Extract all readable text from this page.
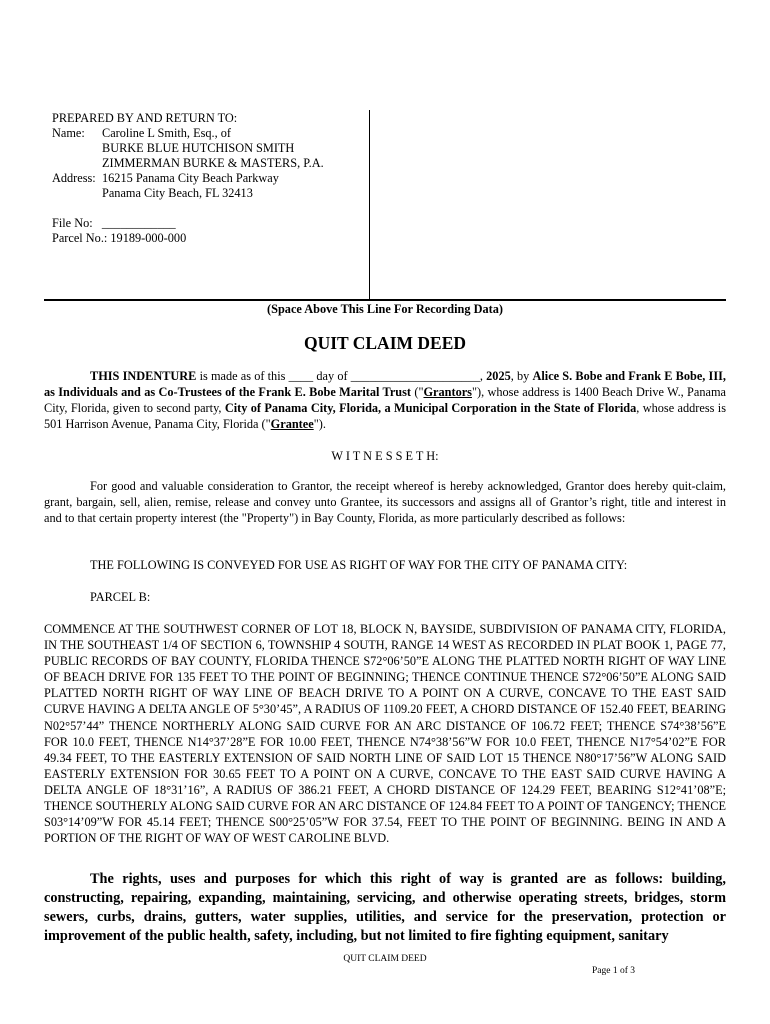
PREPARED BY AND RETURN TO:
Name:	Caroline L Smith, Esq., of
BURKE BLUE HUTCHISON SMITH
ZIMMERMAN BURKE & MASTERS, P.A.
Address: 16215 Panama City Beach Parkway
Panama City Beach, FL 32413
File No:   ____________
Parcel No.: 19189-000-000
(Space Above This Line For Recording Data)
QUIT CLAIM DEED
THIS INDENTURE is made as of this ____ day of _____________________, 2025, by Alice S. Bobe and Frank E Bobe, III, as Individuals and as Co-Trustees of the Frank E. Bobe Marital Trust ("Grantors"), whose address is 1400 Beach Drive W., Panama City, Florida, given to second party, City of Panama City, Florida, a Municipal Corporation in the State of Florida, whose address is 501 Harrison Avenue, Panama City, Florida ("Grantee").
W I T N E S S E T H:
For good and valuable consideration to Grantor, the receipt whereof is hereby acknowledged, Grantor does hereby quit-claim, grant, bargain, sell, alien, remise, release and convey unto Grantee, its successors and assigns all of Grantor’s right, title and interest in and to that certain property interest (the "Property") in Bay County, Florida, as more particularly described as follows:
THE FOLLOWING IS CONVEYED FOR USE AS RIGHT OF WAY FOR THE CITY OF PANAMA CITY:
PARCEL B:
COMMENCE AT THE SOUTHWEST CORNER OF LOT 18, BLOCK N, BAYSIDE, SUBDIVISION OF PANAMA CITY, FLORIDA, IN THE SOUTHEAST 1/4 OF SECTION 6, TOWNSHIP 4 SOUTH, RANGE 14 WEST AS RECORDED IN PLAT BOOK 1, PAGE 77, PUBLIC RECORDS OF BAY COUNTY, FLORIDA THENCE S72°06’50”E ALONG THE PLATTED NORTH RIGHT OF WAY LINE OF BEACH DRIVE FOR 135 FEET TO THE POINT OF BEGINNING; THENCE CONTINUE THENCE S72°06’50”E ALONG SAID PLATTED NORTH RIGHT OF WAY LINE OF BEACH DRIVE TO A POINT ON A CURVE, CONCAVE TO THE EAST SAID CURVE HAVING A DELTA ANGLE OF 5°30’45”, A RADIUS OF 1109.20 FEET, A CHORD DISTANCE OF 152.40 FEET, BEARING N02°57’44” THENCE NORTHERLY ALONG SAID CURVE FOR AN ARC DISTANCE OF 106.72 FEET; THENCE S74°38’56”E FOR 10.0 FEET, THENCE N14°37’28”E FOR 10.00 FEET, THENCE N74°38’56”W FOR 10.0 FEET, THENCE N17°54’02”E FOR 49.34 FEET, TO THE EASTERLY EXTENSION OF SAID NORTH LINE OF SAID LOT 15 THENCE N80°17’56”W ALONG SAID EASTERLY EXTENSION FOR 30.65 FEET TO A POINT ON A CURVE, CONCAVE TO THE EAST SAID CURVE HAVING A DELTA ANGLE OF 18°31’16”, A RADIUS OF 386.21 FEET, A CHORD DISTANCE OF 124.29 FEET, BEARING S12°41’08”E; THENCE SOUTHERLY ALONG SAID CURVE FOR AN ARC DISTANCE OF 124.84 FEET TO A POINT OF TANGENCY; THENCE S03°14’09”W FOR 45.14 FEET; THENCE S00°25’05”W FOR 37.54, FEET TO THE POINT OF BEGINNING. BEING IN AND A PORTION OF THE RIGHT OF WAY OF WEST CAROLINE BLVD.
The rights, uses and purposes for which this right of way is granted are as follows: building, constructing, repairing, expanding, maintaining, servicing, and otherwise operating streets, bridges, storm sewers, curbs, drains, gutters, water supplies, utilities, and service for the preservation, protection or improvement of the public health, safety, including, but not limited to fire fighting equipment, sanitary
QUIT CLAIM DEED
Page 1 of 3
